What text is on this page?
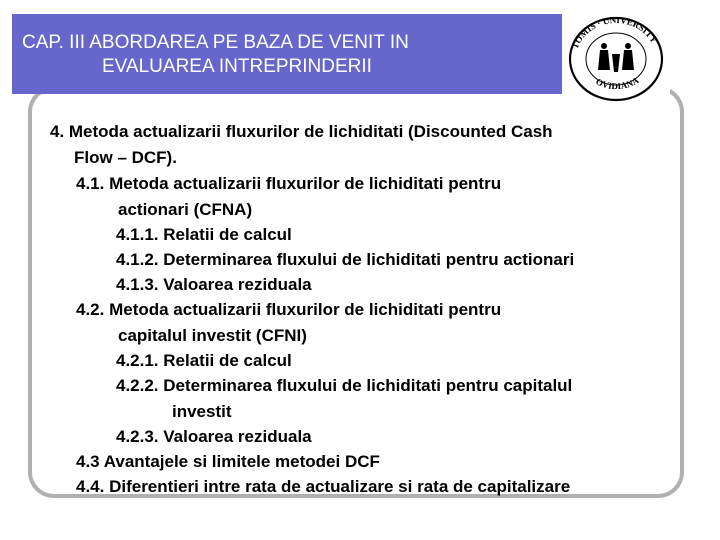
CAP. III ABORDAREA PE BAZA DE VENIT IN
EVALUAREA INTREPRINDERII
TOMIS · UNIVERSITY
OVIDIANA
4. Metoda actualizarii fluxurilor de lichiditati (Discounted Cash
Flow – DCF).
4.1. Metoda actualizarii fluxurilor de lichiditati pentru
actionari (CFNA)
4.1.1. Relatii de calcul
4.1.2. Determinarea fluxului de lichiditati pentru actionari
4.1.3. Valoarea reziduala
4.2. Metoda actualizarii fluxurilor de lichiditati pentru
capitalul investit (CFNI)
4.2.1. Relatii de calcul
4.2.2. Determinarea fluxului de lichiditati pentru capitalul
investit
4.2.3. Valoarea reziduala
4.3 Avantajele si limitele metodei DCF
4.4. Diferentieri intre rata de actualizare si rata de capitalizare
